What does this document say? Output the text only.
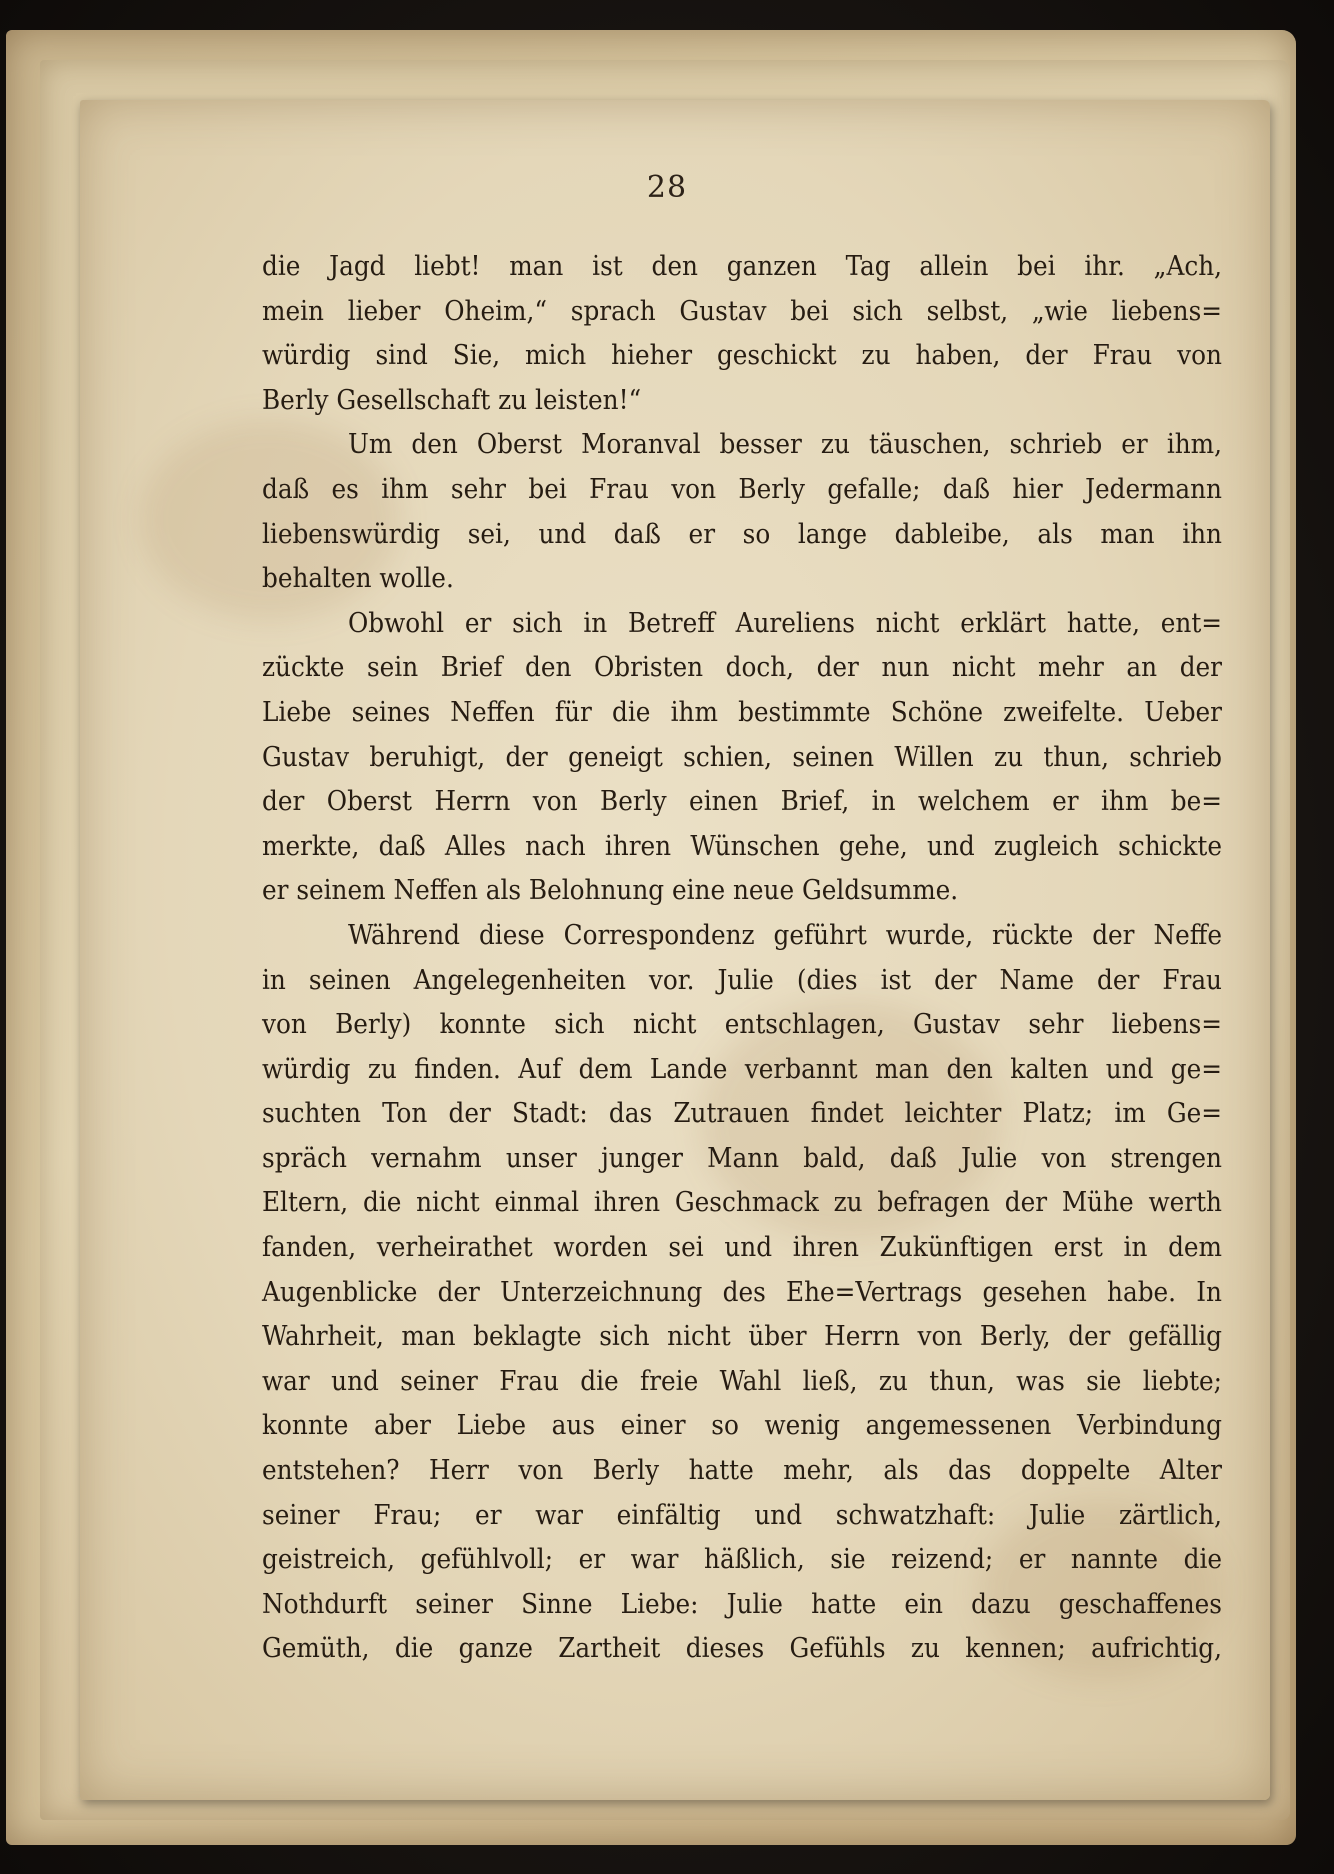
28
die Jagd liebt! man ist den ganzen Tag allein bei ihr. „Ach,
mein lieber Oheim,“ sprach Gustav bei sich selbst, „wie liebens=
würdig sind Sie, mich hieher geschickt zu haben, der Frau von
Berly Gesellschaft zu leisten!“
Um den Oberst Moranval besser zu täuschen, schrieb er ihm,
daß es ihm sehr bei Frau von Berly gefalle; daß hier Jedermann
liebenswürdig sei, und daß er so lange dableibe, als man ihn
behalten wolle.
Obwohl er sich in Betreff Aureliens nicht erklärt hatte, ent=
zückte sein Brief den Obristen doch, der nun nicht mehr an der
Liebe seines Neffen für die ihm bestimmte Schöne zweifelte. Ueber
Gustav beruhigt, der geneigt schien, seinen Willen zu thun, schrieb
der Oberst Herrn von Berly einen Brief, in welchem er ihm be=
merkte, daß Alles nach ihren Wünschen gehe, und zugleich schickte
er seinem Neffen als Belohnung eine neue Geldsumme.
Während diese Correspondenz geführt wurde, rückte der Neffe
in seinen Angelegenheiten vor. Julie (dies ist der Name der Frau
von Berly) konnte sich nicht entschlagen, Gustav sehr liebens=
würdig zu finden. Auf dem Lande verbannt man den kalten und ge=
suchten Ton der Stadt: das Zutrauen findet leichter Platz; im Ge=
spräch vernahm unser junger Mann bald, daß Julie von strengen
Eltern, die nicht einmal ihren Geschmack zu befragen der Mühe werth
fanden, verheirathet worden sei und ihren Zukünftigen erst in dem
Augenblicke der Unterzeichnung des Ehe=Vertrags gesehen habe. In
Wahrheit, man beklagte sich nicht über Herrn von Berly, der gefällig
war und seiner Frau die freie Wahl ließ, zu thun, was sie liebte;
konnte aber Liebe aus einer so wenig angemessenen Verbindung
entstehen? Herr von Berly hatte mehr, als das doppelte Alter
seiner Frau; er war einfältig und schwatzhaft: Julie zärtlich,
geistreich, gefühlvoll; er war häßlich, sie reizend; er nannte die
Nothdurft seiner Sinne Liebe: Julie hatte ein dazu geschaffenes
Gemüth, die ganze Zartheit dieses Gefühls zu kennen; aufrichtig,
